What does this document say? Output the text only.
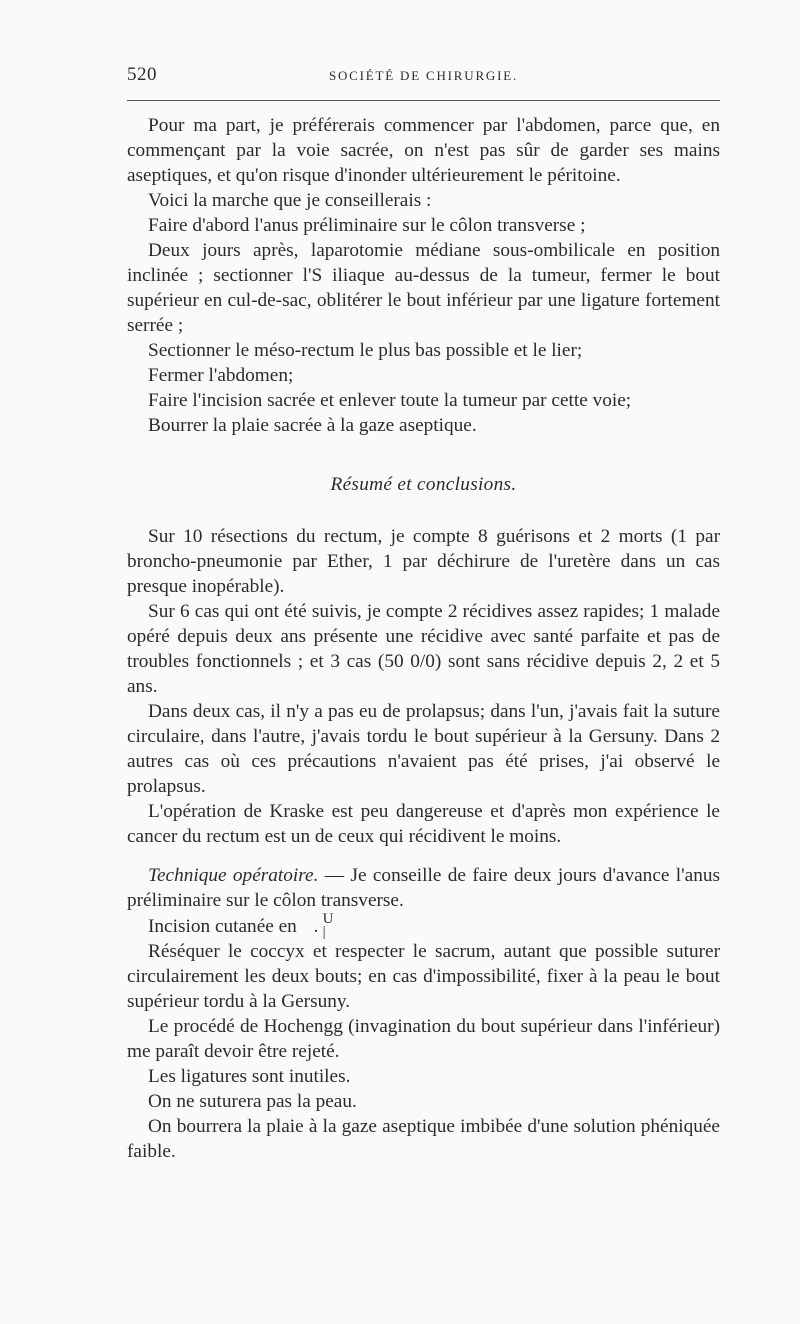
520	SOCIÉTÉ DE CHIRURGIE.

Pour ma part, je préférerais commencer par l'abdomen, parce que, en commençant par la voie sacrée, on n'est pas sûr de garder ses mains aseptiques, et qu'on risque d'inonder ultérieurement le péritoine.

Voici la marche que je conseillerais :

Faire d'abord l'anus préliminaire sur le côlon transverse ;

Deux jours après, laparotomie médiane sous-ombilicale en position inclinée ; sectionner l'S iliaque au-dessus de la tumeur, fermer le bout supérieur en cul-de-sac, oblitérer le bout inférieur par une ligature fortement serrée ;

Sectionner le méso-rectum le plus bas possible et le lier;

Fermer l'abdomen;

Faire l'incision sacrée et enlever toute la tumeur par cette voie;

Bourrer la plaie sacrée à la gaze aseptique.

Résumé et conclusions.

Sur 10 résections du rectum, je compte 8 guérisons et 2 morts (1 par broncho-pneumonie par Ether, 1 par déchirure de l'uretère dans un cas presque inopérable).

Sur 6 cas qui ont été suivis, je compte 2 récidives assez rapides; 1 malade opéré depuis deux ans présente une récidive avec santé parfaite et pas de troubles fonctionnels ; et 3 cas (50 0/0) sont sans récidive depuis 2, 2 et 5 ans.

Dans deux cas, il n'y a pas eu de prolapsus; dans l'un, j'avais fait la suture circulaire, dans l'autre, j'avais tordu le bout supérieur à la Gersuny. Dans 2 autres cas où ces précautions n'avaient pas été prises, j'ai observé le prolapsus.

L'opération de Kraske est peu dangereuse et d'après mon expérience le cancer du rectum est un de ceux qui récidivent le moins.

Technique opératoire. — Je conseille de faire deux jours d'avance l'anus préliminaire sur le côlon transverse.

Incision cutanée en	U
|
.

Réséquer le coccyx et respecter le sacrum, autant que possible suturer circulairement les deux bouts; en cas d'impossibilité, fixer à la peau le bout supérieur tordu à la Gersuny.

Le procédé de Hochengg (invagination du bout supérieur dans l'inférieur) me paraît devoir être rejeté.

Les ligatures sont inutiles.

On ne suturera pas la peau.

On bourrera la plaie à la gaze aseptique imbibée d'une solution phéniquée faible.
